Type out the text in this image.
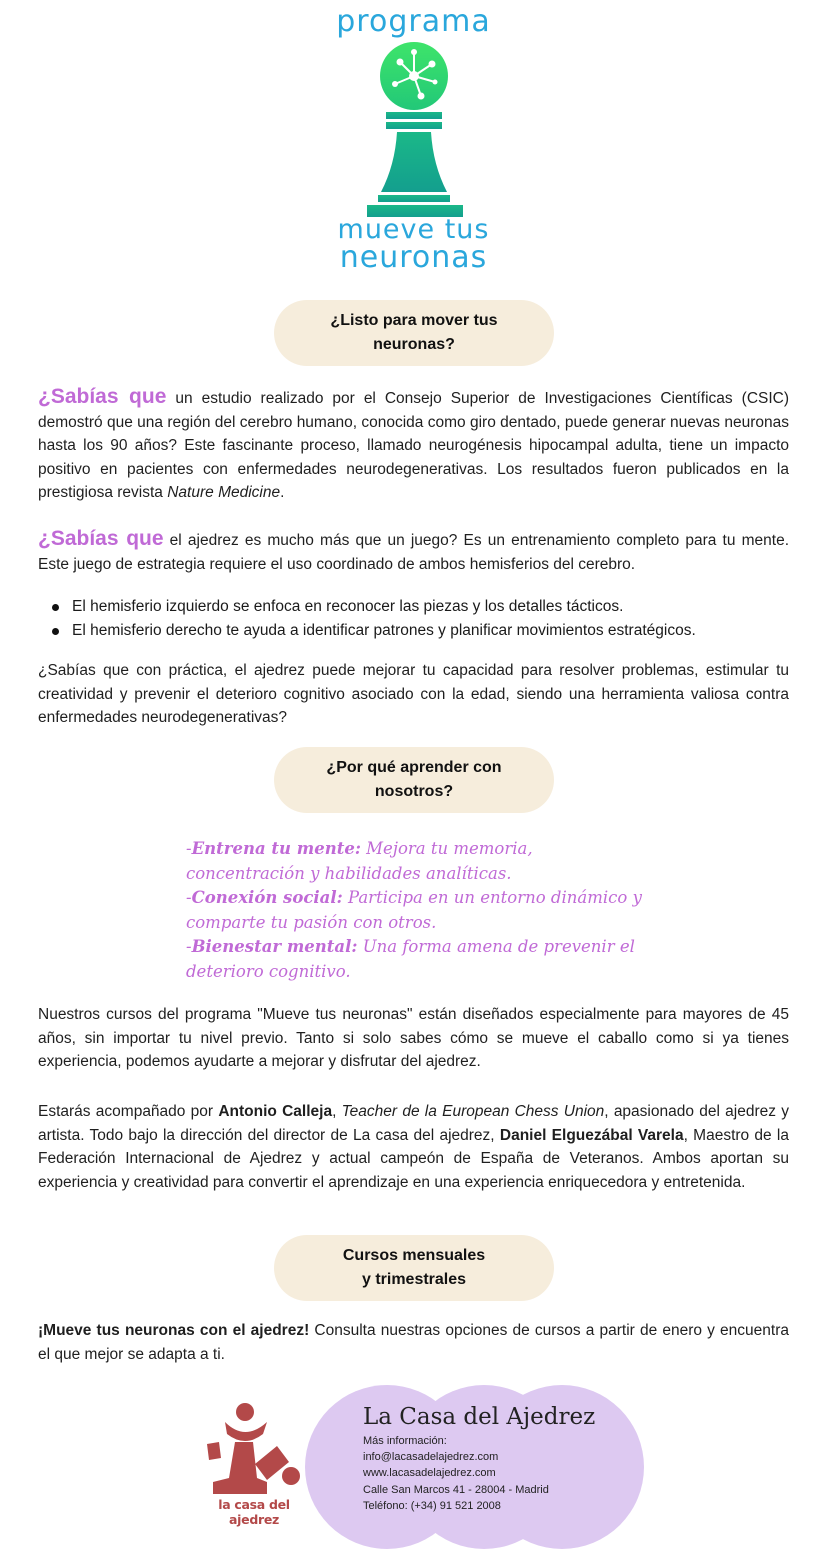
programa
mueve tus
neuronas
¿Listo para mover tus
neuronas?
¿Sabías que un estudio realizado por el Consejo Superior de Investigaciones Científicas (CSIC) demostró que una región del cerebro humano, conocida como giro dentado, puede generar nuevas neuronas hasta los 90 años? Este fascinante proceso, llamado neurogénesis hipocampal adulta, tiene un impacto positivo en pacientes con enfermedades neurodegenerativas. Los resultados fueron publicados en la prestigiosa revista Nature Medicine.
¿Sabías que el ajedrez es mucho más que un juego? Es un entrenamiento completo para tu mente. Este juego de estrategia requiere el uso coordinado de ambos hemisferios del cerebro.
El hemisferio izquierdo se enfoca en reconocer las piezas y los detalles tácticos.
El hemisferio derecho te ayuda a identificar patrones y planificar movimientos estratégicos.
¿Sabías que con práctica, el ajedrez puede mejorar tu capacidad para resolver problemas, estimular tu creatividad y prevenir el deterioro cognitivo asociado con la edad, siendo una herramienta valiosa contra enfermedades neurodegenerativas?
¿Por qué aprender con
nosotros?
-Entrena tu mente: Mejora tu memoria, concentración y habilidades analíticas.
-Conexión social: Participa en un entorno dinámico y comparte tu pasión con otros.
-Bienestar mental: Una forma amena de prevenir el deterioro cognitivo.
Nuestros cursos del programa "Mueve tus neuronas" están diseñados especialmente para mayores de 45 años, sin importar tu nivel previo. Tanto si solo sabes cómo se mueve el caballo como si ya tienes experiencia, podemos ayudarte a mejorar y disfrutar del ajedrez.
Estarás acompañado por Antonio Calleja, Teacher de la European Chess Union, apasionado del ajedrez y artista. Todo bajo la dirección del director de La casa del ajedrez, Daniel Elguezábal Varela, Maestro de la Federación Internacional de Ajedrez y actual campeón de España de Veteranos. Ambos aportan su experiencia y creatividad para convertir el aprendizaje en una experiencia enriquecedora y entretenida.
Cursos mensuales
y trimestrales
¡Mueve tus neuronas con el ajedrez! Consulta nuestras opciones de cursos a partir de enero y encuentra el que mejor se adapta a ti.
la casa del ajedrez
La Casa del Ajedrez
Más información:
info@lacasadelajedrez.com
www.lacasadelajedrez.com
Calle San Marcos 41 - 28004 - Madrid
Teléfono: (+34) 91 521 2008
